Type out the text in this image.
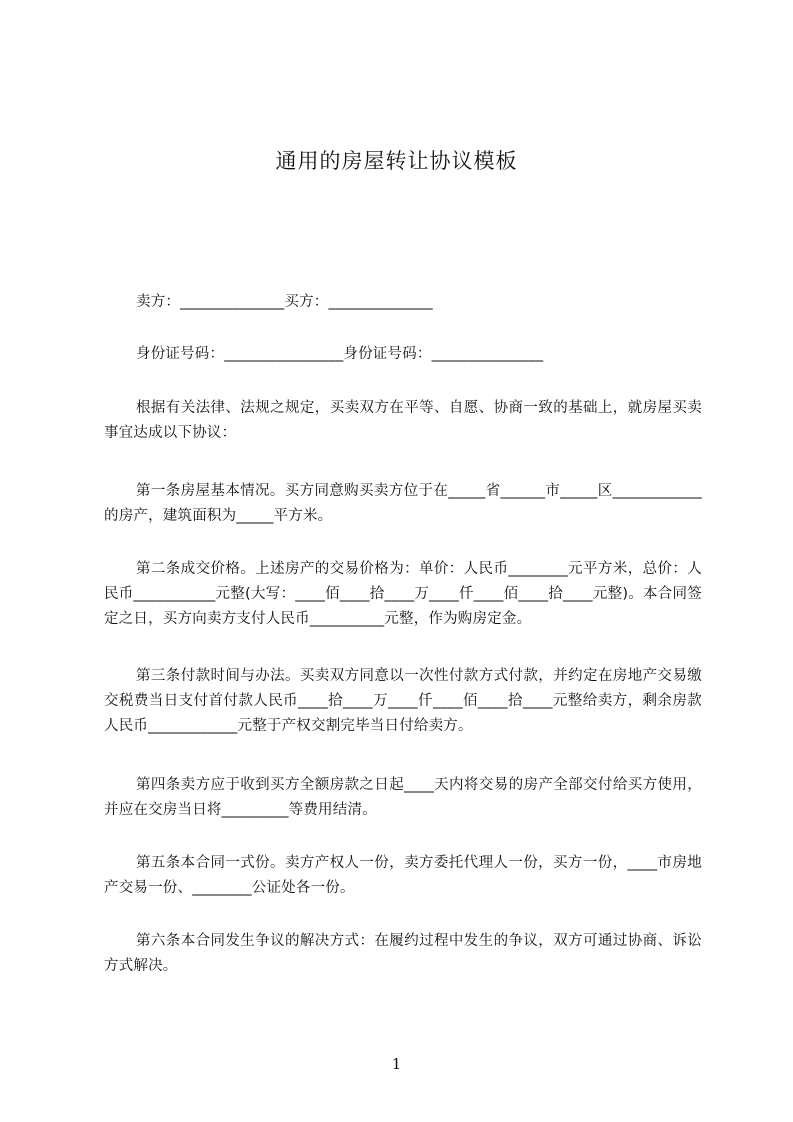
通用的房屋转让协议模板

卖方：______________买方：______________

身份证号码：________________身份证号码：_______________

根据有关法律、法规之规定，买卖双方在平等、自愿、协商一致的基础上，就房屋买卖事宜达成以下协议：

第一条房屋基本情况。买方同意购买卖方位于在_____省______市_____区____________的房产，建筑面积为_____平方米。

第二条成交价格。上述房产的交易价格为：单价：人民币________元平方米，总价：人民币___________元整(大写：____佰____拾____万____仟____佰____拾____元整)。本合同签定之日，买方向卖方支付人民币__________元整，作为购房定金。

第三条付款时间与办法。买卖双方同意以一次性付款方式付款，并约定在房地产交易缴交税费当日支付首付款人民币____拾____万____仟____佰____拾____元整给卖方，剩余房款人民币____________元整于产权交割完毕当日付给卖方。

第四条卖方应于收到买方全额房款之日起____天内将交易的房产全部交付给买方使用，并应在交房当日将_________等费用结清。

第五条本合同一式份。卖方产权人一份，卖方委托代理人一份，买方一份，____市房地产交易一份、________公证处各一份。

第六条本合同发生争议的解决方式：在履约过程中发生的争议，双方可通过协商、诉讼方式解决。

1
